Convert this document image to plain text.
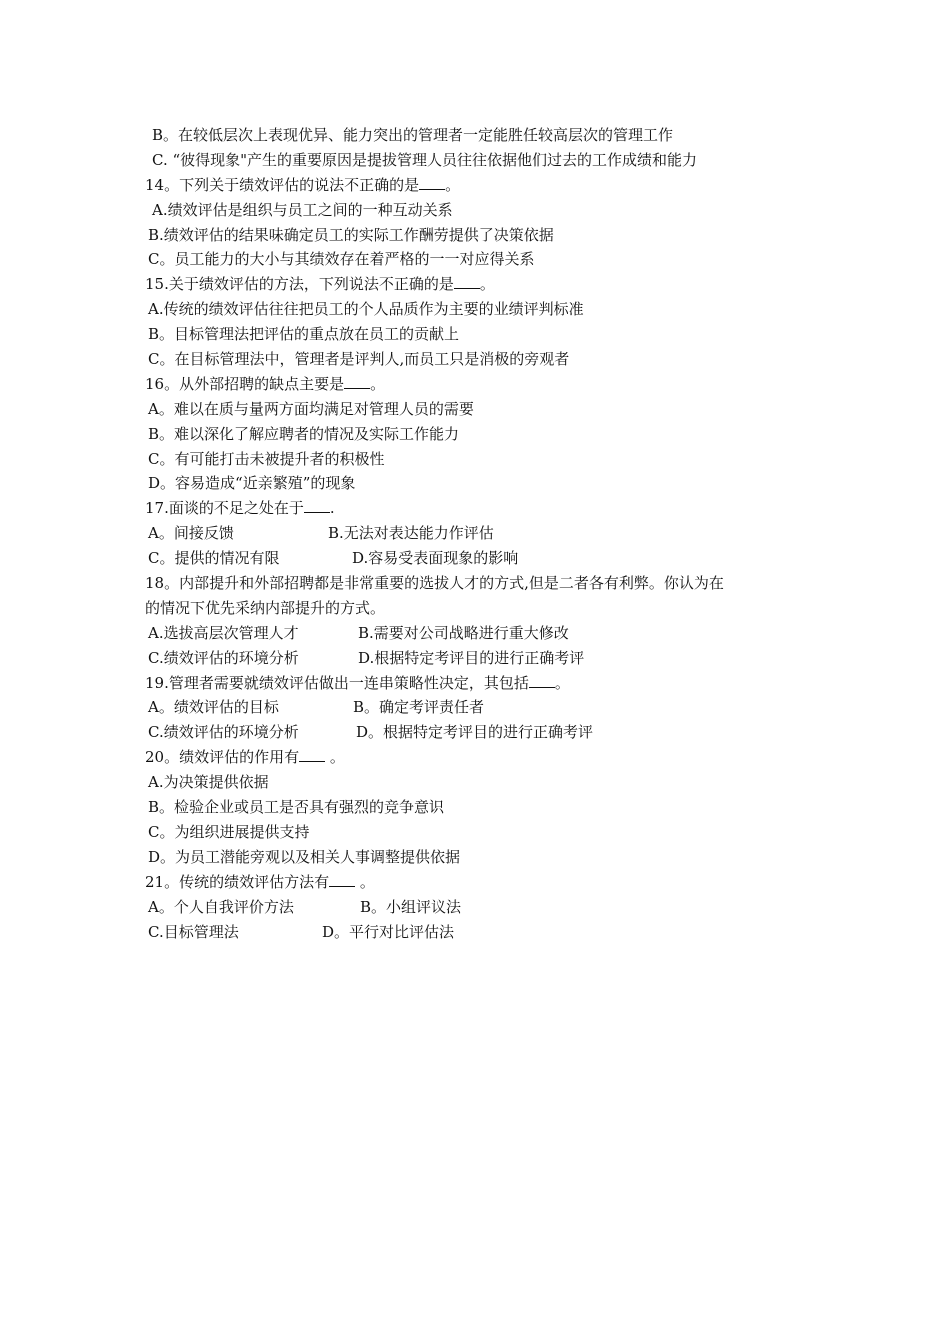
B。在较低层次上表现优异、能力突出的管理者一定能胜任较高层次的管理工作
C. “彼得现象"产生的重要原因是提拔管理人员往往依据他们过去的工作成绩和能力
14。下列关于绩效评估的说法不正确的是 。
A.绩效评估是组织与员工之间的一种互动关系
B.绩效评估的结果味确定员工的实际工作酬劳提供了决策依据
C。员工能力的大小与其绩效存在着严格的一一对应得关系
15.关于绩效评估的方法，下列说法不正确的是 。
A.传统的绩效评估往往把员工的个人品质作为主要的业绩评判标准
B。目标管理法把评估的重点放在员工的贡献上
C。在目标管理法中，管理者是评判人,而员工只是消极的旁观者
16。从外部招聘的缺点主要是 。
A。难以在质与量两方面均满足对管理人员的需要
B。难以深化了解应聘者的情况及实际工作能力
C。有可能打击未被提升者的积极性
D。容易造成“近亲繁殖”的现象
17.面谈的不足之处在于 .
A。间接反馈	B.无法对表达能力作评估
C。提供的情况有限	D.容易受表面现象的影响
18。内部提升和外部招聘都是非常重要的选拔人才的方式,但是二者各有利弊。你认为在
的情况下优先采纳内部提升的方式。
A.选拔高层次管理人才	B.需要对公司战略进行重大修改
C.绩效评估的环境分析	D.根据特定考评目的进行正确考评
19.管理者需要就绩效评估做出一连串策略性决定，其包括 。
A。绩效评估的目标	B。确定考评责任者
C.绩效评估的环境分析	D。根据特定考评目的进行正确考评
20。绩效评估的作用有 。
A.为决策提供依据
B。检验企业或员工是否具有强烈的竞争意识
C。为组织进展提供支持
D。为员工潜能旁观以及相关人事调整提供依据
21。传统的绩效评估方法有 。
A。个人自我评价方法	B。小组评议法
C.目标管理法	D。平行对比评估法
